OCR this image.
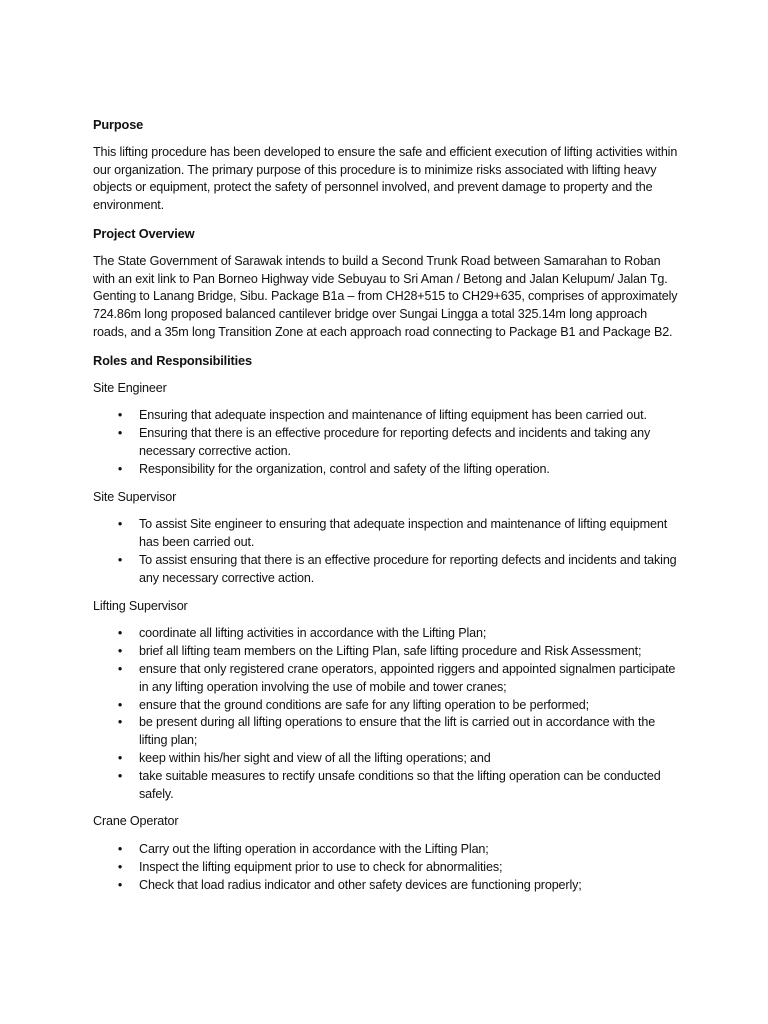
Purpose

This lifting procedure has been developed to ensure the safe and efficient execution of lifting activities within our organization. The primary purpose of this procedure is to minimize risks associated with lifting heavy objects or equipment, protect the safety of personnel involved, and prevent damage to property and the environment.

Project Overview

The State Government of Sarawak intends to build a Second Trunk Road between Samarahan to Roban with an exit link to Pan Borneo Highway vide Sebuyau to Sri Aman / Betong and Jalan Kelupum/ Jalan Tg. Genting to Lanang Bridge, Sibu. Package B1a – from CH28+515 to CH29+635, comprises of approximately 724.86m long proposed balanced cantilever bridge over Sungai Lingga a total 325.14m long approach roads, and a 35m long Transition Zone at each approach road connecting to Package B1 and Package B2.

Roles and Responsibilities

Site Engineer

• Ensuring that adequate inspection and maintenance of lifting equipment has been carried out.
• Ensuring that there is an effective procedure for reporting defects and incidents and taking any necessary corrective action.
• Responsibility for the organization, control and safety of the lifting operation.

Site Supervisor

• To assist Site engineer to ensuring that adequate inspection and maintenance of lifting equipment has been carried out.
• To assist ensuring that there is an effective procedure for reporting defects and incidents and taking any necessary corrective action.

Lifting Supervisor

• coordinate all lifting activities in accordance with the Lifting Plan;
• brief all lifting team members on the Lifting Plan, safe lifting procedure and Risk Assessment;
• ensure that only registered crane operators, appointed riggers and appointed signalmen participate in any lifting operation involving the use of mobile and tower cranes;
• ensure that the ground conditions are safe for any lifting operation to be performed;
• be present during all lifting operations to ensure that the lift is carried out in accordance with the lifting plan;
• keep within his/her sight and view of all the lifting operations; and
• take suitable measures to rectify unsafe conditions so that the lifting operation can be conducted safely.

Crane Operator

• Carry out the lifting operation in accordance with the Lifting Plan;
• Inspect the lifting equipment prior to use to check for abnormalities;
• Check that load radius indicator and other safety devices are functioning properly;
